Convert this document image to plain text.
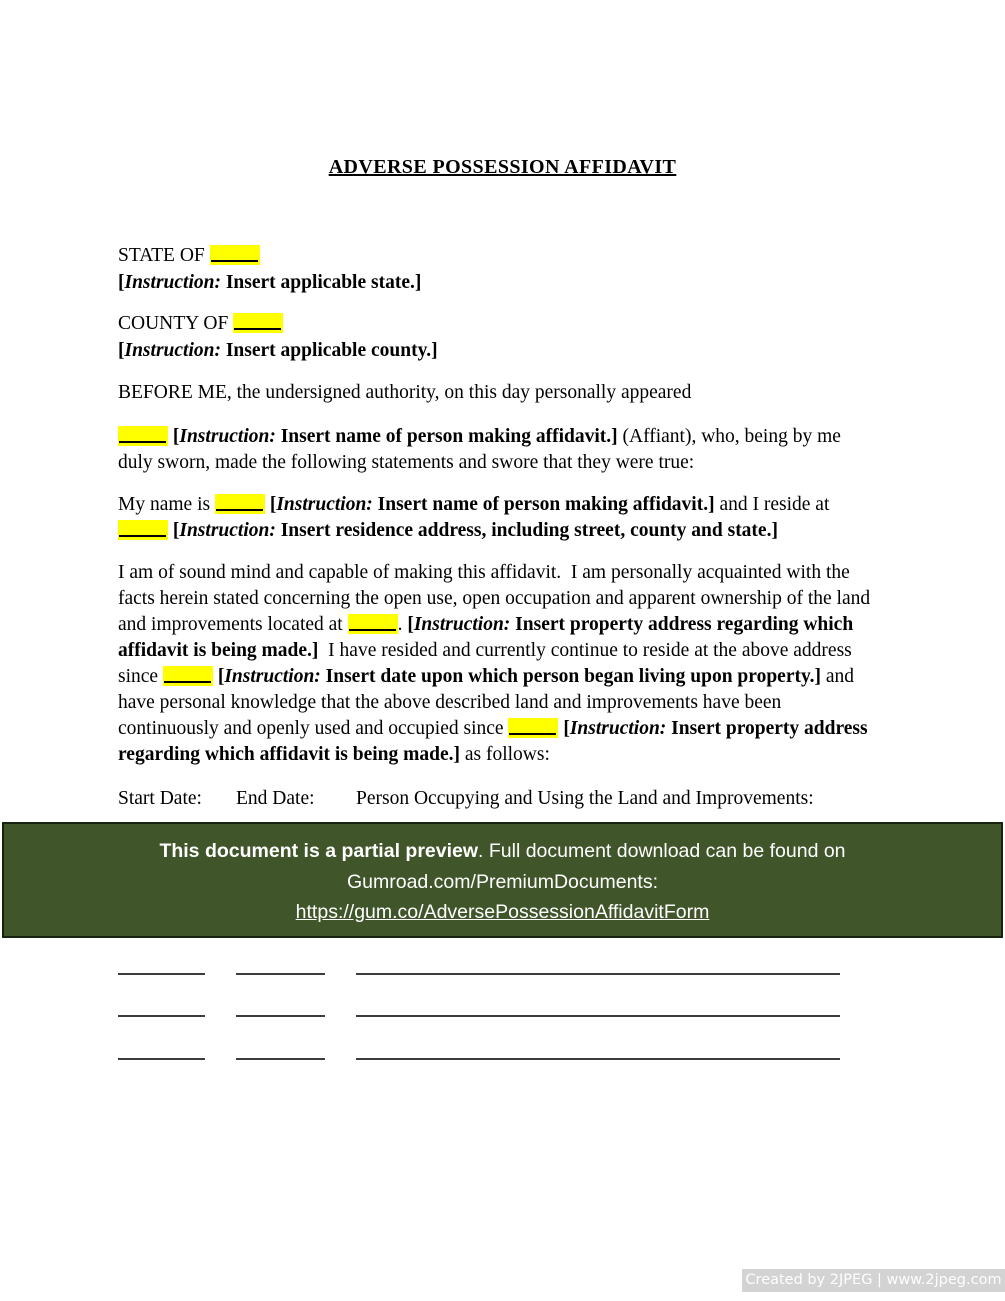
ADVERSE POSSESSION AFFIDAVIT
STATE OF
[Instruction: Insert applicable state.]
COUNTY OF
[Instruction: Insert applicable county.]
BEFORE ME, the undersigned authority, on this day personally appeared
[Instruction: Insert name of person making affidavit.] (Affiant), who, being by me
duly sworn, made the following statements and swore that they were true:
My name is	[Instruction: Insert name of person making affidavit.] and I reside at
[Instruction: Insert residence address, including street, county and state.]
I am of sound mind and capable of making this affidavit.  I am personally acquainted with the
facts herein stated concerning the open use, open occupation and apparent ownership of the land
and improvements located at	. [Instruction: Insert property address regarding which
affidavit is being made.]  I have resided and currently continue to reside at the above address
since	[Instruction: Insert date upon which person began living upon property.] and
have personal knowledge that the above described land and improvements have been
continuously and openly used and occupied since	[Instruction: Insert property address
regarding which affidavit is being made.] as follows:
Start Date: End Date: Person Occupying and Using the Land and Improvements:
This document is a partial preview. Full document download can be found on
Gumroad.com/PremiumDocuments:
https://gum.co/AdversePossessionAffidavitForm
Created by 2JPEG | www.2jpeg.com
